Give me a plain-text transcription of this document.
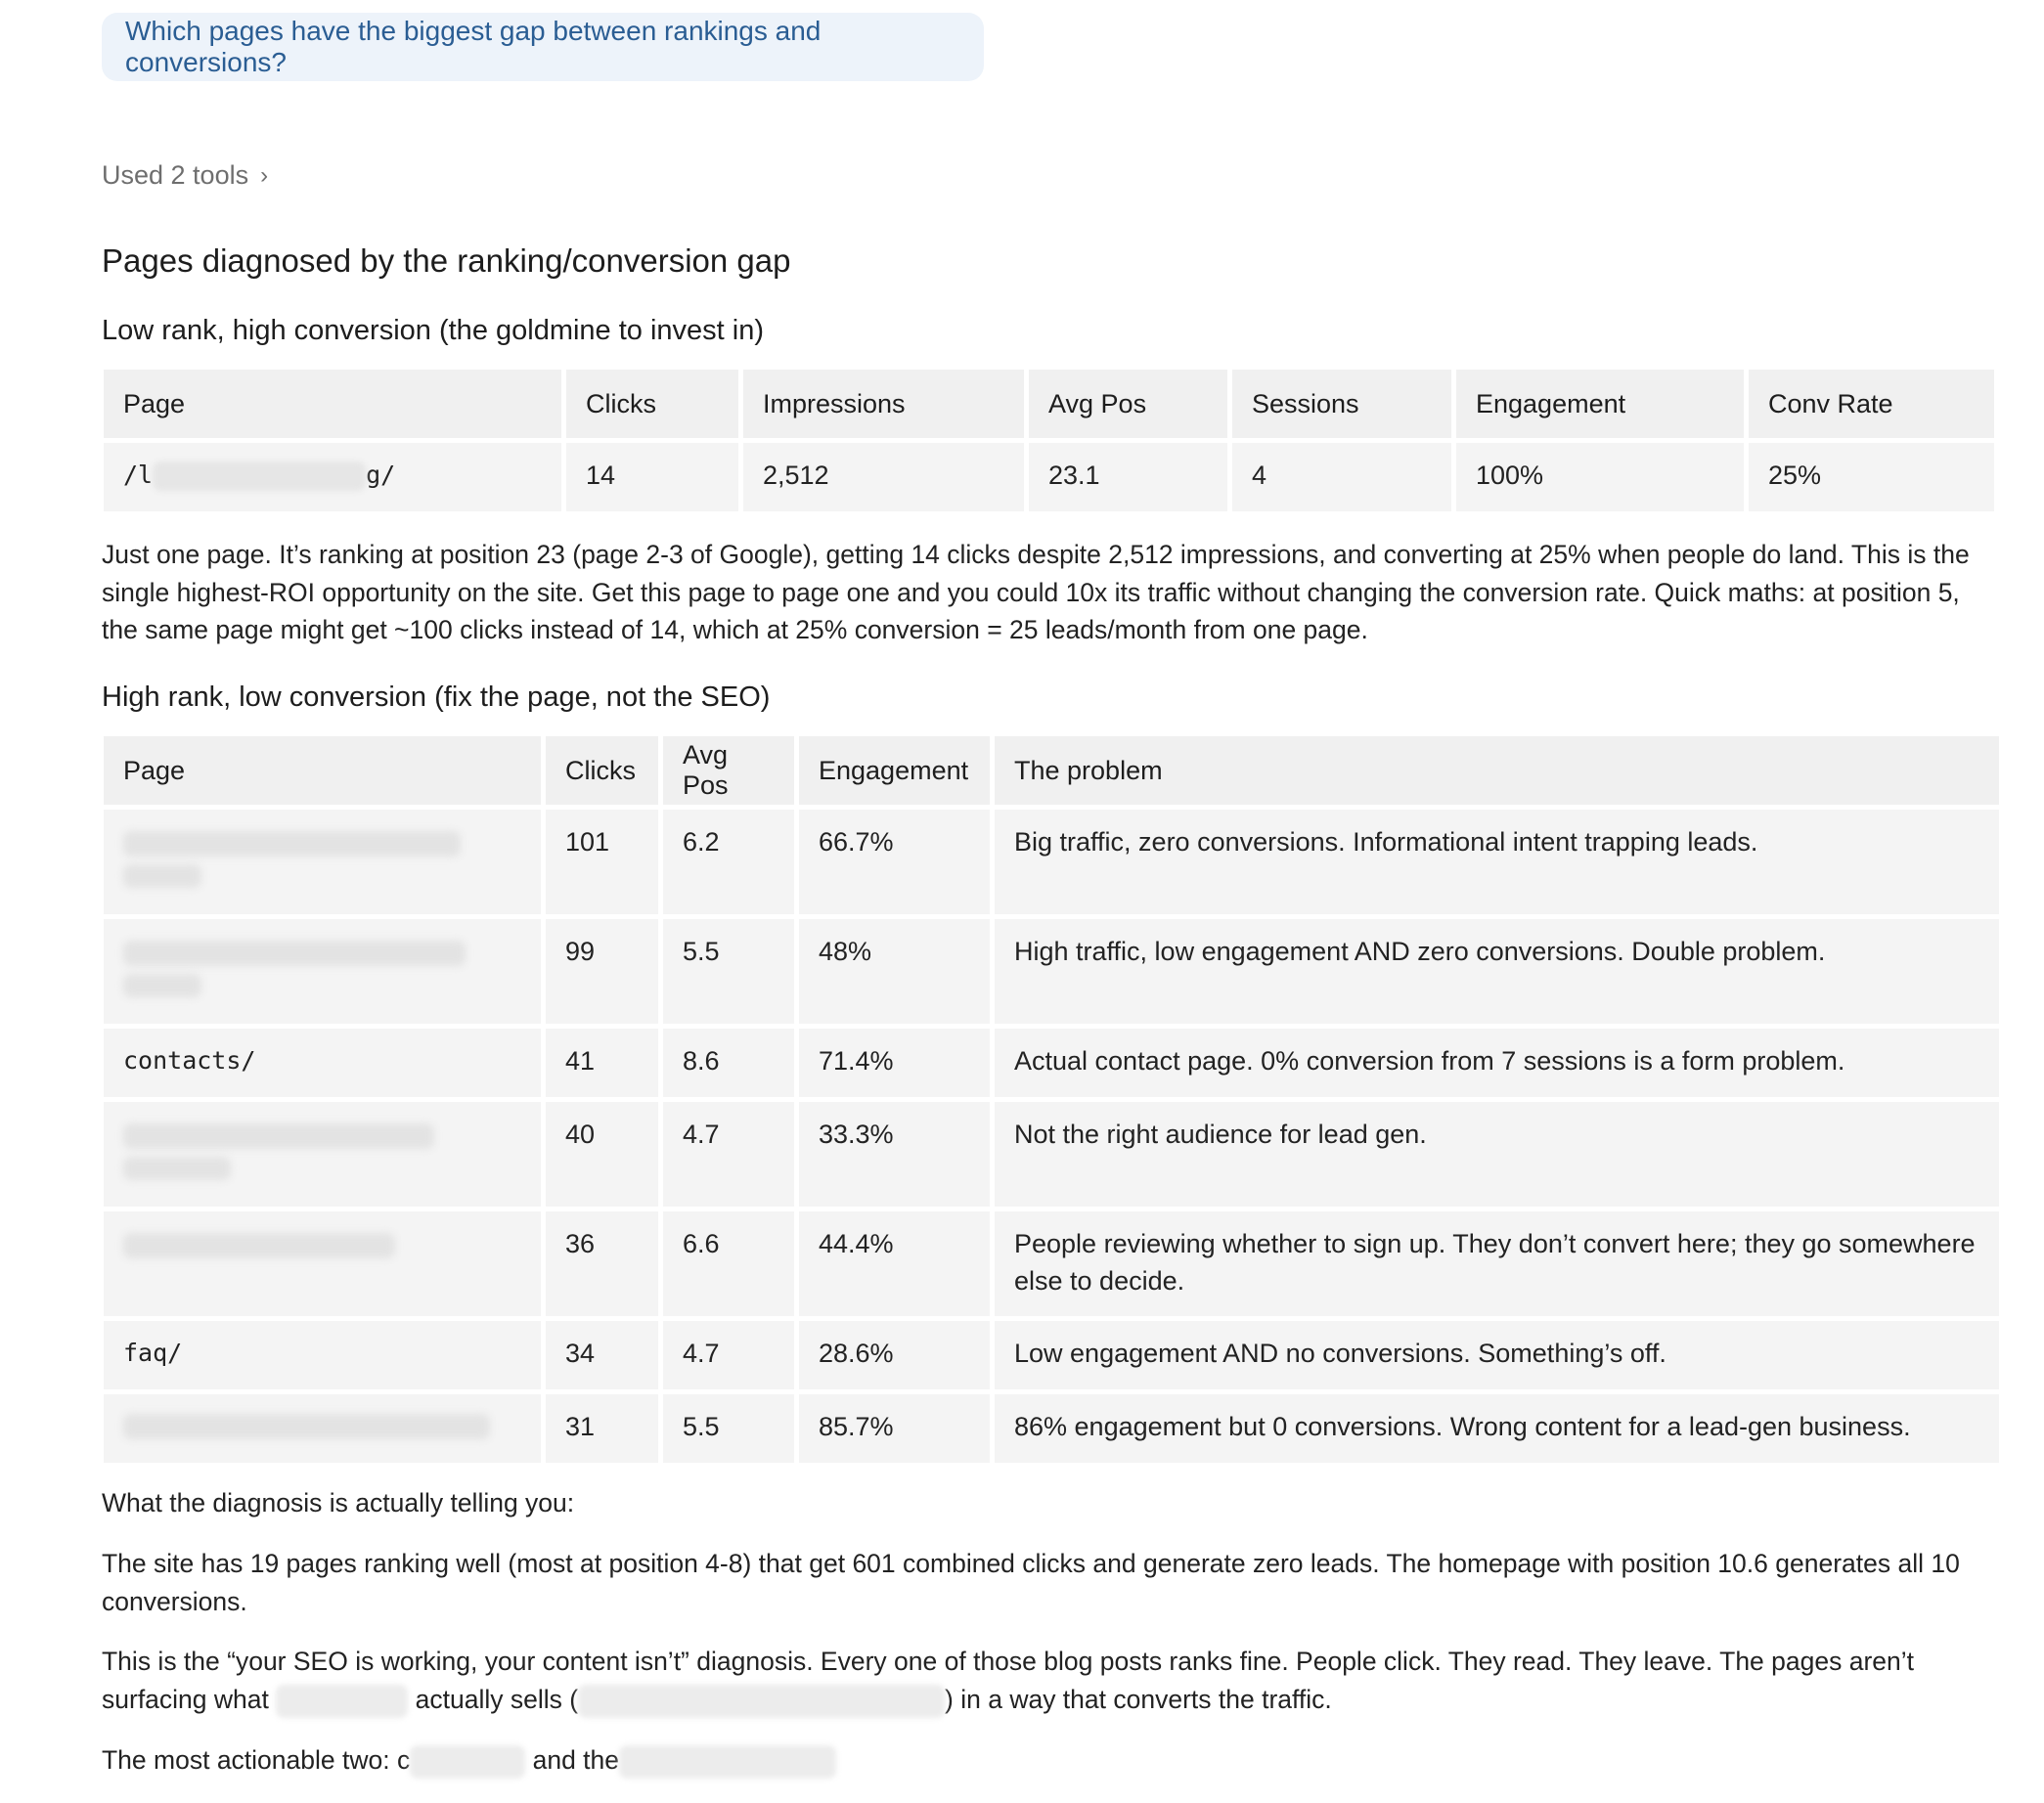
Which pages have the biggest gap between rankings and conversions?
Used 2 tools ›
Pages diagnosed by the ranking/conversion gap
Low rank, high conversion (the goldmine to invest in)
Page	Clicks	Impressions	Avg Pos	Sessions	Engagement	Conv Rate
/l g/	14	2,512	23.1	4	100%	25%

Just one page. It’s ranking at position 23 (page 2-3 of Google), getting 14 clicks despite 2,512 impressions, and converting at 25% when people do land. This is the single highest-ROI opportunity on the site. Get this page to page one and you could 10x its traffic without changing the conversion rate. Quick maths: at position 5, the same page might get ~100 clicks instead of 14, which at 25% conversion = 25 leads/month from one page.

High rank, low conversion (fix the page, not the SEO)
Page	Clicks	Avg Pos	Engagement	The problem

	101	6.2	66.7%	Big traffic, zero conversions. Informational intent trapping leads.

	99	5.5	48%	High traffic, low engagement AND zero conversions. Double problem.
contacts/	41	8.6	71.4%	Actual contact page. 0% conversion from 7 sessions is a form problem.

	40	4.7	33.3%	Not the right audience for lead gen.

	36	6.6	44.4%	People reviewing whether to sign up. They don’t convert here; they go somewhere else to decide.
faq/	34	4.7	28.6%	Low engagement AND no conversions. Something’s off.

	31	5.5	85.7%	86% engagement but 0 conversions. Wrong content for a lead-gen business.

What the diagnosis is actually telling you:

The site has 19 pages ranking well (most at position 4-8) that get 601 combined clicks and generate zero leads. The homepage with position 10.6 generates all 10 conversions.

This is the “your SEO is working, your content isn’t” diagnosis. Every one of those blog posts ranks fine. People click. They read. They leave. The pages aren’t surfacing what	actually sells (	) in a way that converts the traffic.

The most actionable two: c	and the
